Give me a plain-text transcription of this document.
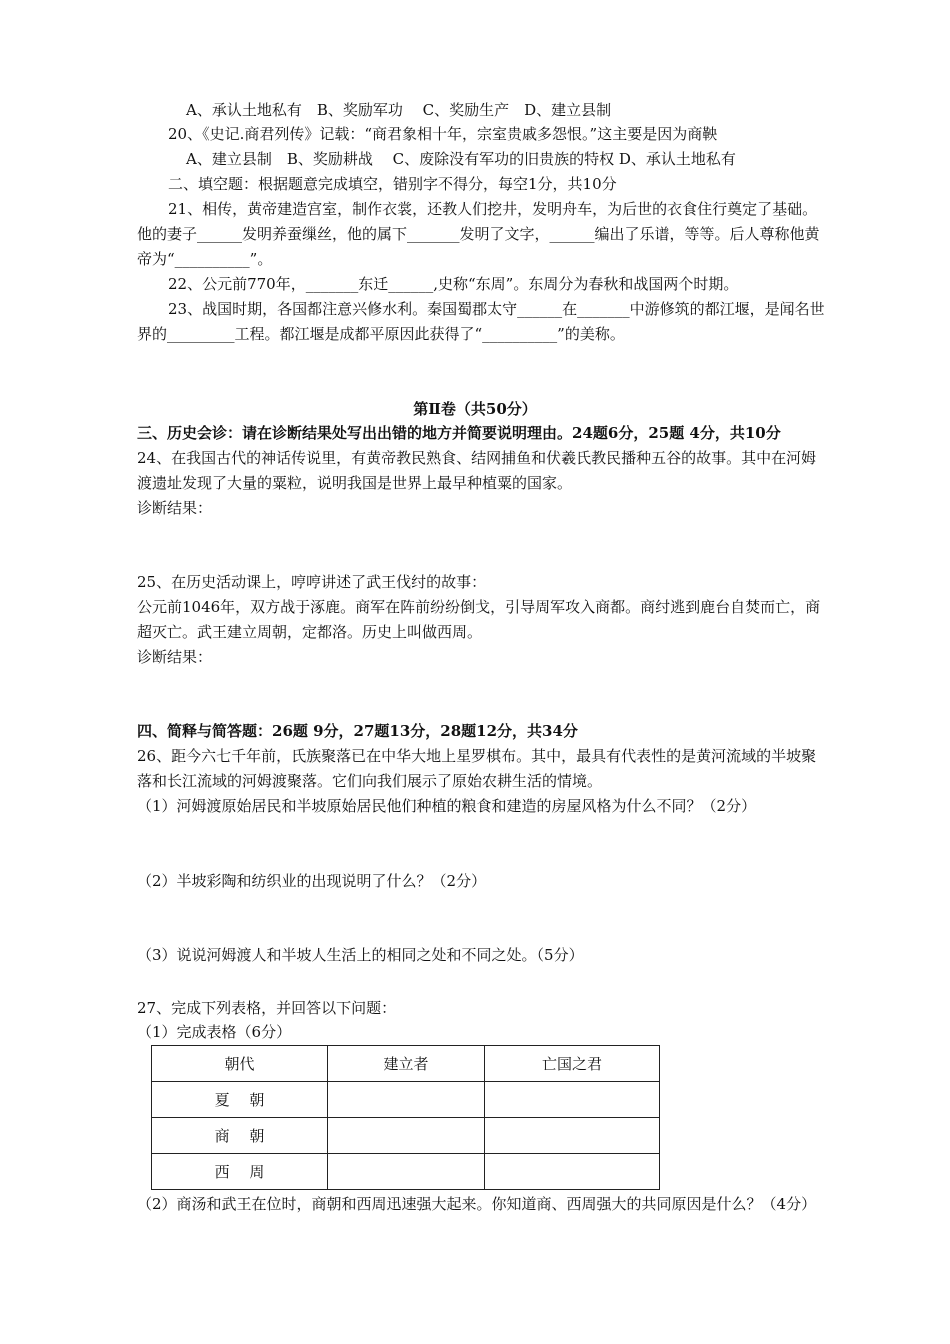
A、承认土地私有　B、奖励军功　 C、奖励生产　D、建立县制
20、《史记.商君列传》记载：“商君象相十年，宗室贵戚多怨恨。”这主要是因为商鞅
A、建立县制　B、奖励耕战　 C、废除没有军功的旧贵族的特权 D、承认土地私有
二、填空题：根据题意完成填空，错别字不得分，每空1分，共10分
21、相传，黄帝建造宫室，制作衣裳，还教人们挖井，发明舟车，为后世的衣食住行奠定了基础。
他的妻子______发明养蚕缫丝，他的属下_______发明了文字，______编出了乐谱，等等。后人尊称他黄
帝为“__________”。
22、公元前770年，_______东迁______,史称“东周”。东周分为春秋和战国两个时期。
23、战国时期，各国都注意兴修水利。秦国蜀郡太守______在_______中游修筑的都江堰，是闻名世
界的_________工程。都江堰是成都平原因此获得了“__________”的美称。
第Ⅱ卷（共50分）
三、历史会诊：请在诊断结果处写出出错的地方并简要说明理由。24题6分，25题 4分，共10分
24、在我国古代的神话传说里，有黄帝教民熟食、结网捕鱼和伏羲氏教民播种五谷的故事。其中在河姆
渡遗址发现了大量的粟粒，说明我国是世界上最早种植粟的国家。
诊断结果：
25、在历史活动课上，哼哼讲述了武王伐纣的故事：
公元前1046年，双方战于涿鹿。商军在阵前纷纷倒戈，引导周军攻入商都。商纣逃到鹿台自焚而亡，商
超灭亡。武王建立周朝，定都洛。历史上叫做西周。
诊断结果：
四、简释与简答题：26题 9分，27题13分，28题12分，共34分
26、距今六七千年前，氏族聚落已在中华大地上星罗棋布。其中，最具有代表性的是黄河流域的半坡聚
落和长江流域的河姆渡聚落。它们向我们展示了原始农耕生活的情境。
（1）河姆渡原始居民和半坡原始居民他们种植的粮食和建造的房屋风格为什么不同？（2分）
（2）半坡彩陶和纺织业的出现说明了什么？（2分）
（3）说说河姆渡人和半坡人生活上的相同之处和不同之处。（5分）
27、完成下列表格，并回答以下问题：
（1）完成表格（6分）
朝代	建立者	亡国之君
夏　 朝		
商　 朝		
西　 周		
（2）商汤和武王在位时，商朝和西周迅速强大起来。你知道商、西周强大的共同原因是什么？（4分）
